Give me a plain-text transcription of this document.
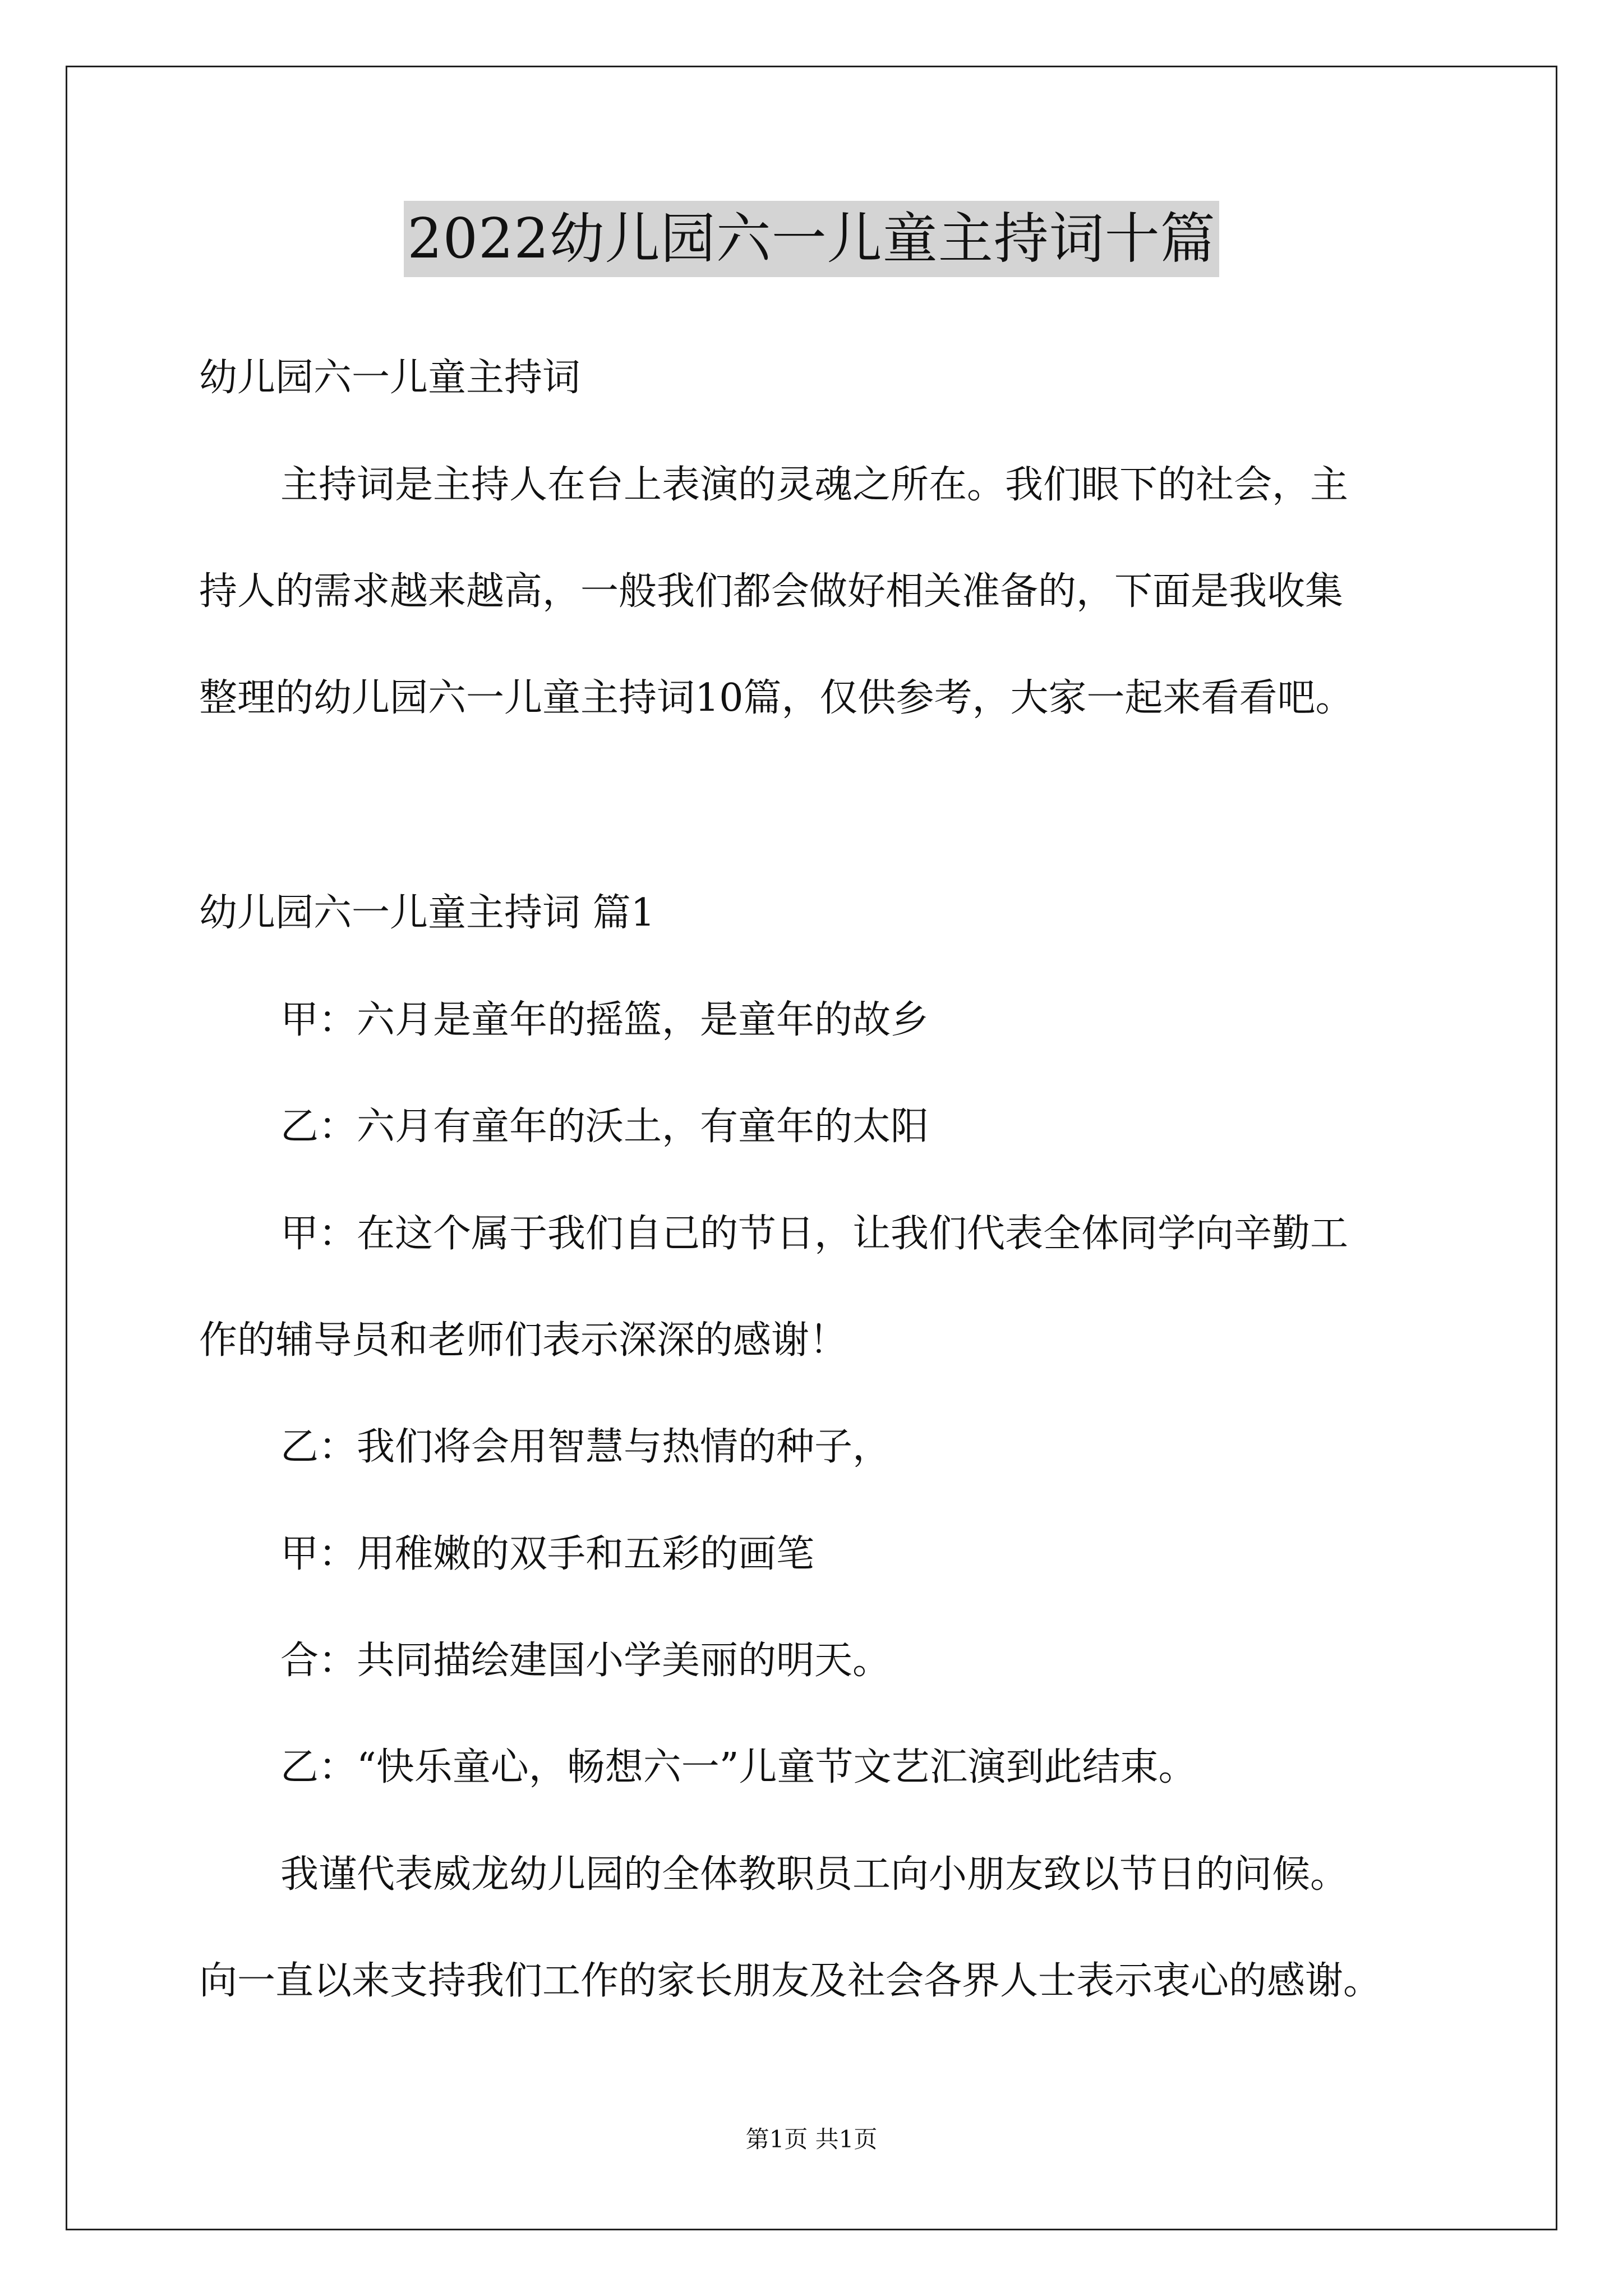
2022幼儿园六一儿童主持词十篇
幼儿园六一儿童主持词
主持词是主持人在台上表演的灵魂之所在。我们眼下的社会，主
持人的需求越来越高，一般我们都会做好相关准备的，下面是我收集
整理的幼儿园六一儿童主持词10篇，仅供参考，大家一起来看看吧。
幼儿园六一儿童主持词 篇1
甲：六月是童年的摇篮，是童年的故乡
乙：六月有童年的沃土，有童年的太阳
甲：在这个属于我们自己的节日，让我们代表全体同学向辛勤工
作的辅导员和老师们表示深深的感谢！
乙：我们将会用智慧与热情的种子，
甲：用稚嫩的双手和五彩的画笔
合：共同描绘建国小学美丽的明天。
乙：“快乐童心，畅想六一”儿童节文艺汇演到此结束。
我谨代表威龙幼儿园的全体教职员工向小朋友致以节日的问候。
向一直以来支持我们工作的家长朋友及社会各界人士表示衷心的感谢。
第1页 共1页
